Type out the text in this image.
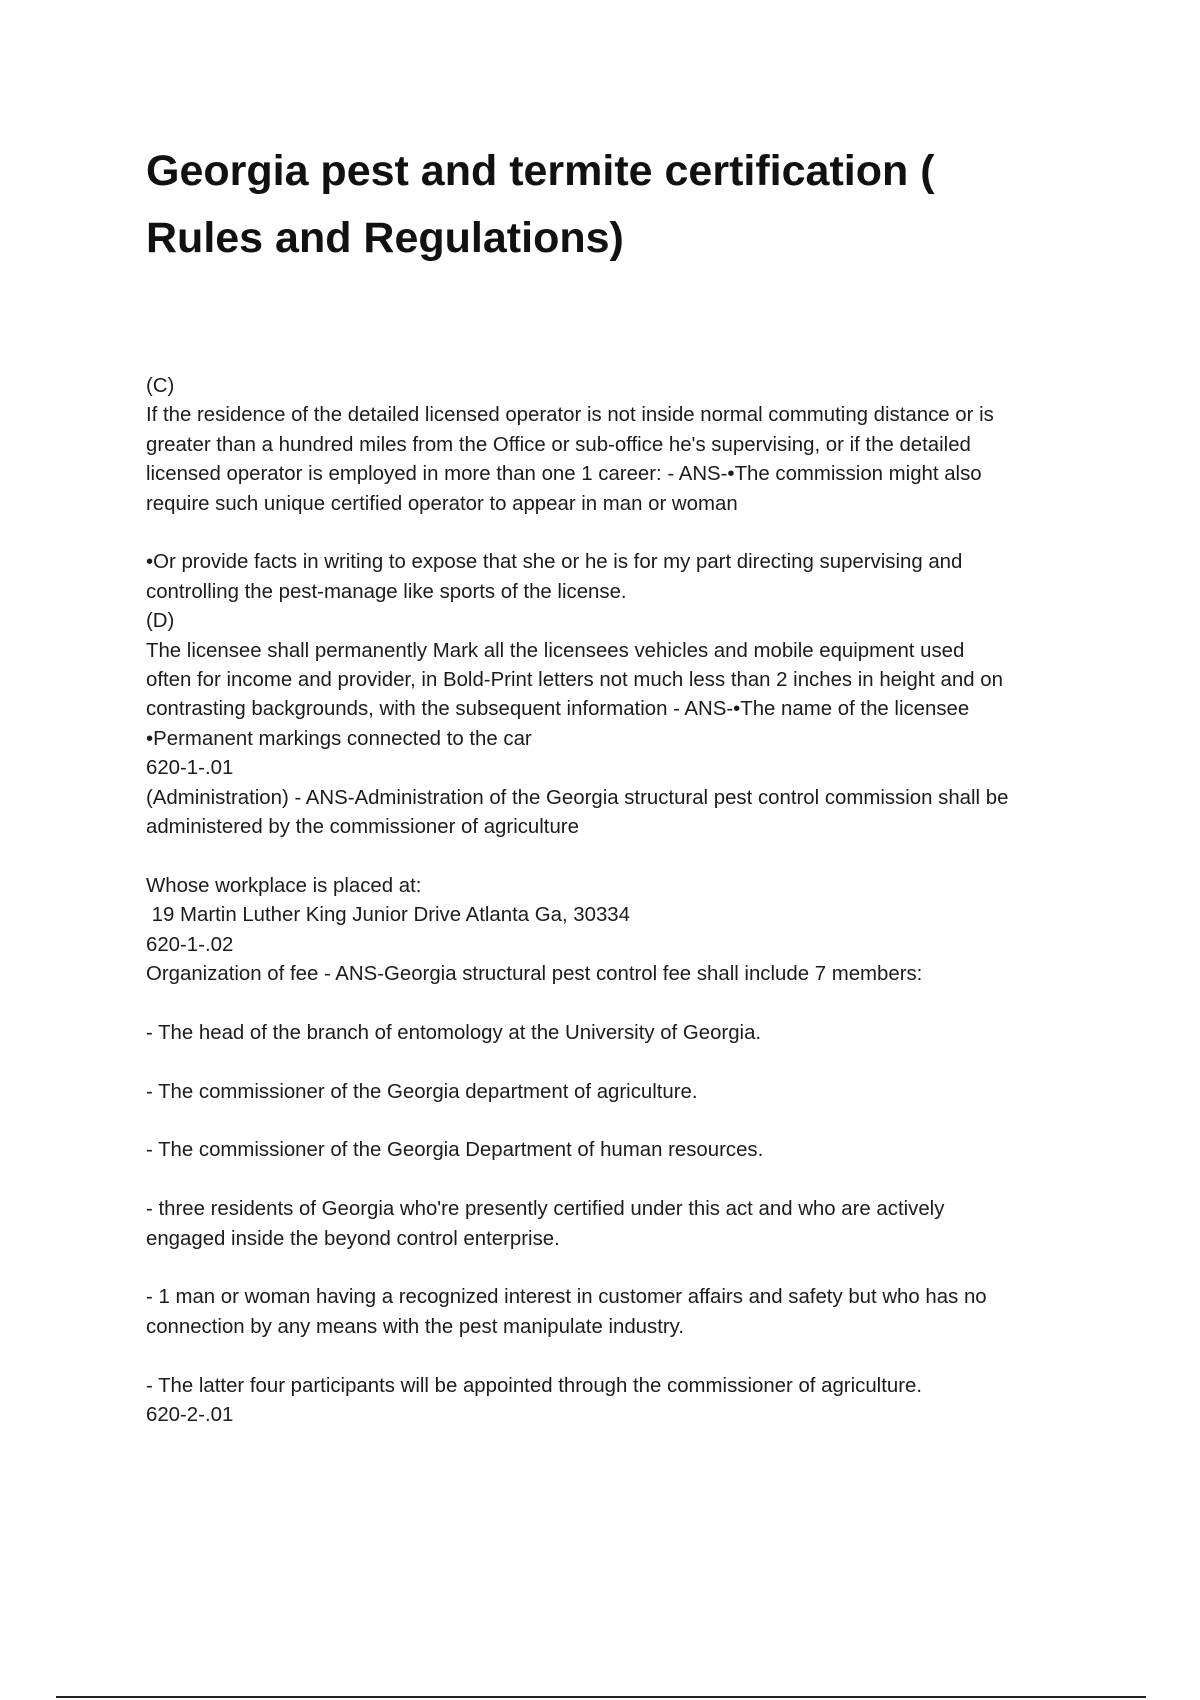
Georgia pest and termite certification (
Rules and Regulations)
(C)
If the residence of the detailed licensed operator is not inside normal commuting distance or is
greater than a hundred miles from the Office or sub-office he's supervising, or if the detailed
licensed operator is employed in more than one 1 career: - ANS-•The commission might also
require such unique certified operator to appear in man or woman
•Or provide facts in writing to expose that she or he is for my part directing supervising and
controlling the pest-manage like sports of the license.
(D)
The licensee shall permanently Mark all the licensees vehicles and mobile equipment used
often for income and provider, in Bold-Print letters not much less than 2 inches in height and on
contrasting backgrounds, with the subsequent information - ANS-•The name of the licensee
•Permanent markings connected to the car
620-1-.01
(Administration) - ANS-Administration of the Georgia structural pest control commission shall be
administered by the commissioner of agriculture
Whose workplace is placed at:
19 Martin Luther King Junior Drive Atlanta Ga, 30334
620-1-.02
Organization of fee - ANS-Georgia structural pest control fee shall include 7 members:
- The head of the branch of entomology at the University of Georgia.
- The commissioner of the Georgia department of agriculture.
- The commissioner of the Georgia Department of human resources.
- three residents of Georgia who're presently certified under this act and who are actively
engaged inside the beyond control enterprise.
- 1 man or woman having a recognized interest in customer affairs and safety but who has no
connection by any means with the pest manipulate industry.
- The latter four participants will be appointed through the commissioner of agriculture.
620-2-.01
